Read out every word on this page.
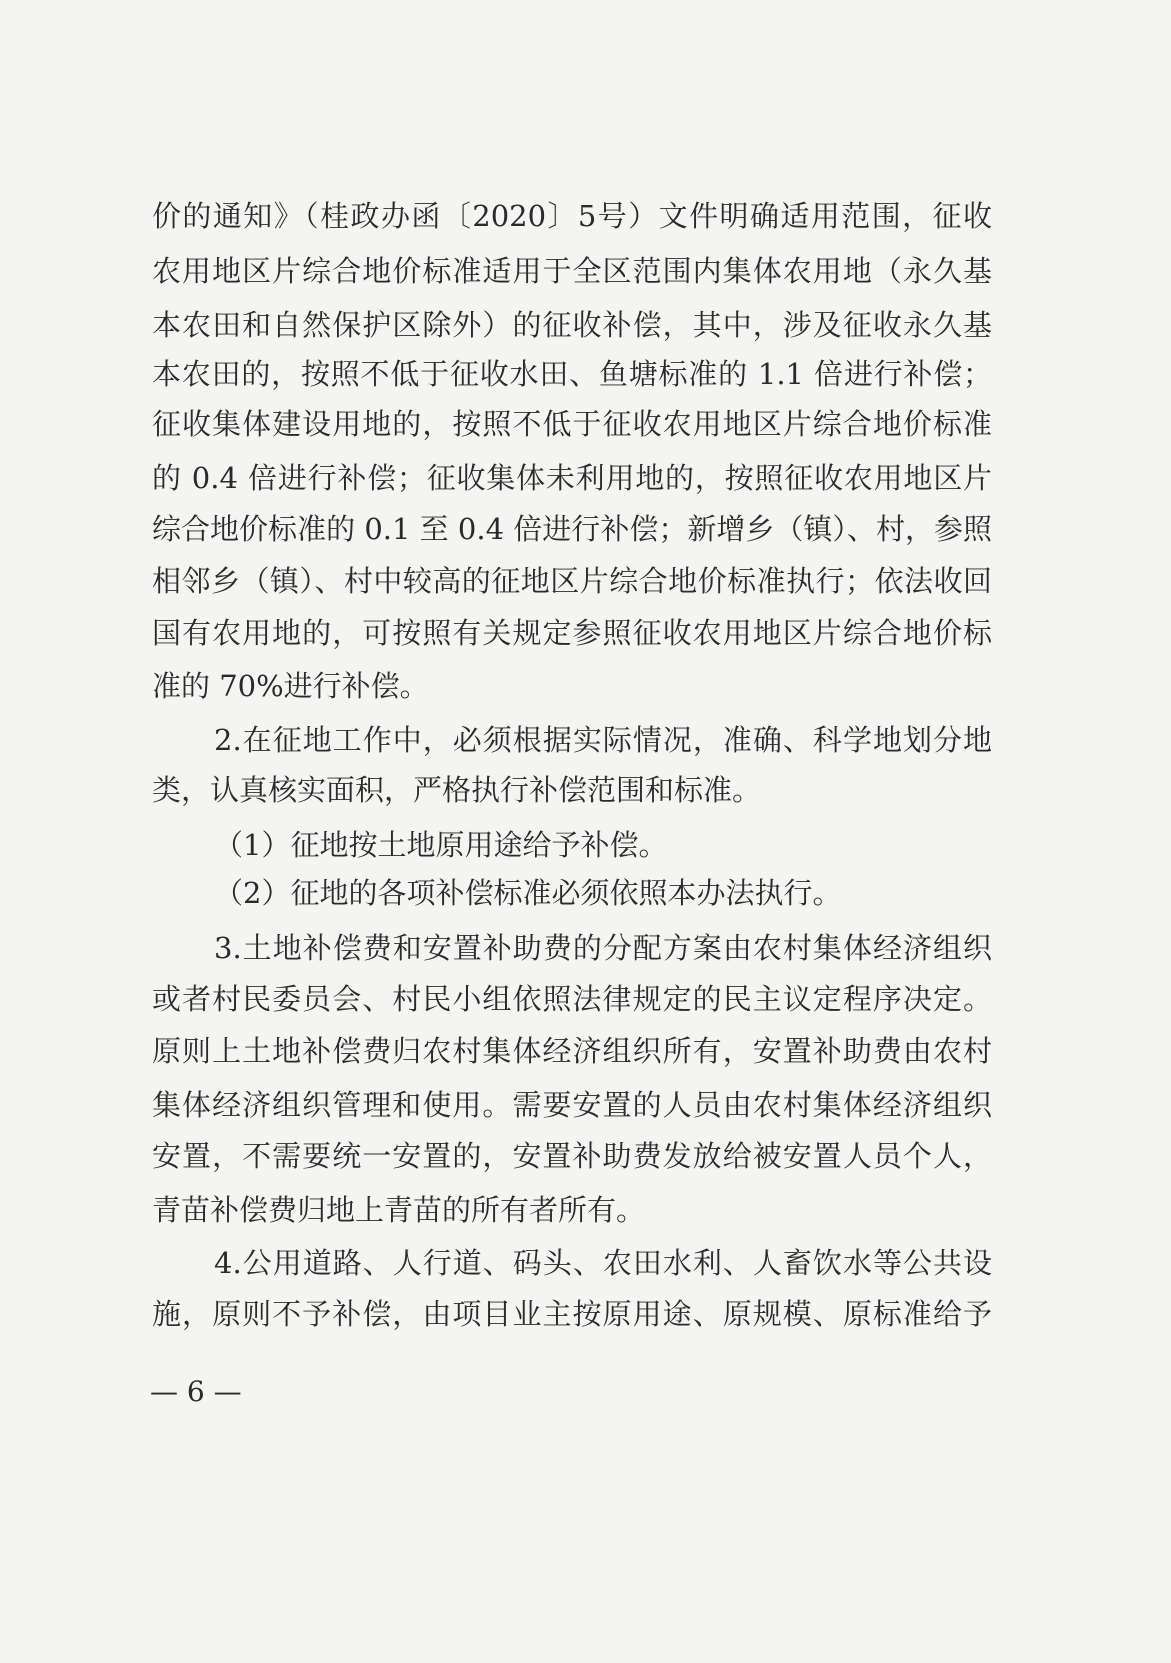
价的通知》（桂政办函〔2020〕5号）文件明确适用范围，征收
农用地区片综合地价标准适用于全区范围内集体农用地（永久基
本农田和自然保护区除外）的征收补偿，其中，涉及征收永久基
本农田的，按照不低于征收水田、鱼塘标准的 1.1 倍进行补偿；
征收集体建设用地的，按照不低于征收农用地区片综合地价标准
的 0.4 倍进行补偿；征收集体未利用地的，按照征收农用地区片
综合地价标准的 0.1 至 0.4 倍进行补偿；新增乡（镇）、村，参照
相邻乡（镇）、村中较高的征地区片综合地价标准执行；依法收回
国有农用地的，可按照有关规定参照征收农用地区片综合地价标
准的 70%进行补偿。
2.在征地工作中，必须根据实际情况，准确、科学地划分地
类，认真核实面积，严格执行补偿范围和标准。
（1）征地按土地原用途给予补偿。
（2）征地的各项补偿标准必须依照本办法执行。
3.土地补偿费和安置补助费的分配方案由农村集体经济组织
或者村民委员会、村民小组依照法律规定的民主议定程序决定。
原则上土地补偿费归农村集体经济组织所有，安置补助费由农村
集体经济组织管理和使用。需要安置的人员由农村集体经济组织
安置，不需要统一安置的，安置补助费发放给被安置人员个人，
青苗补偿费归地上青苗的所有者所有。
4.公用道路、人行道、码头、农田水利、人畜饮水等公共设
施，原则不予补偿，由项目业主按原用途、原规模、原标准给予
— 6 —
